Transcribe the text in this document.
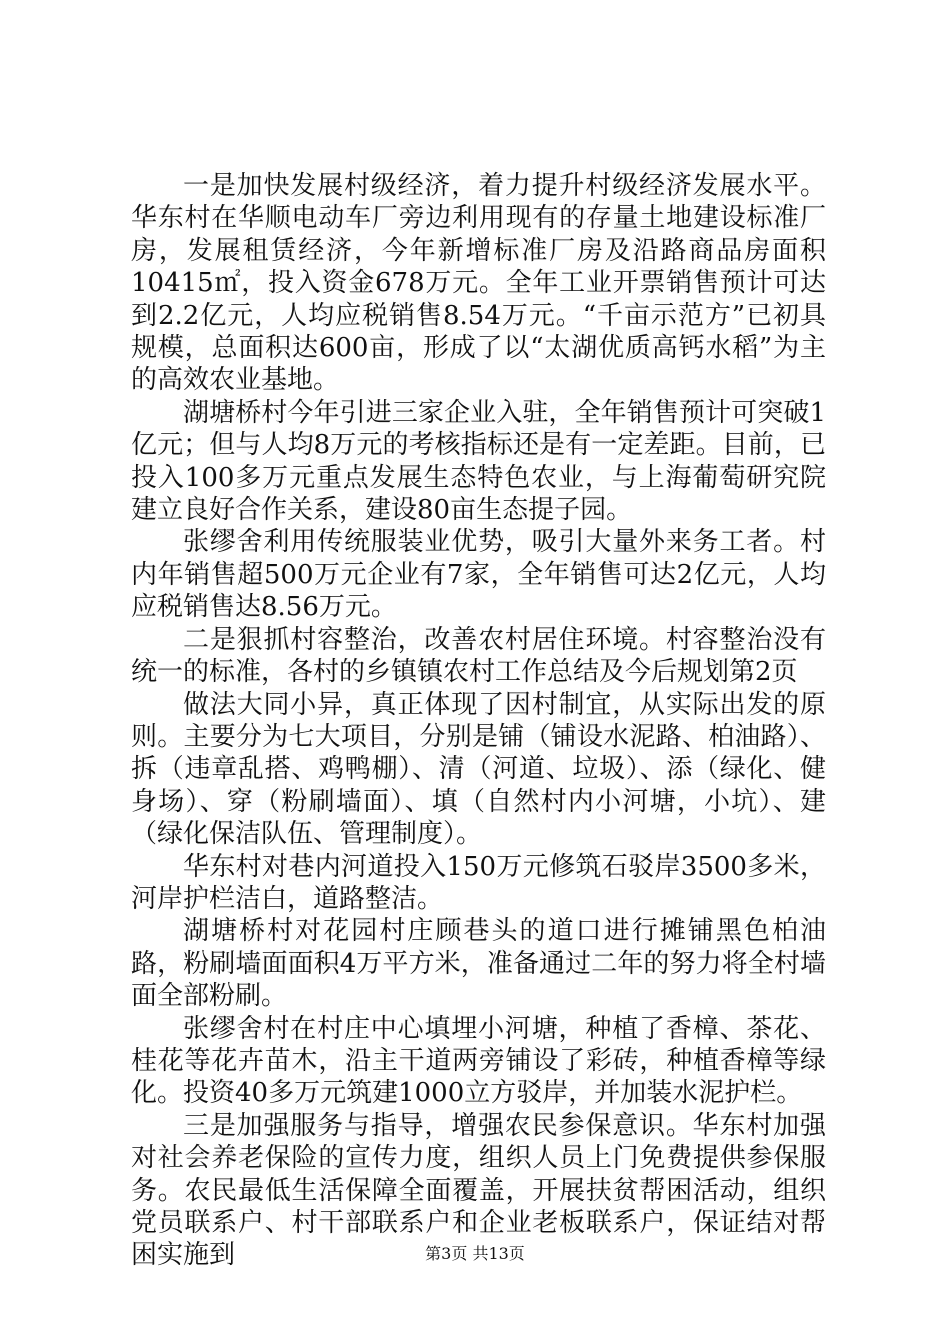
一是加快发展村级经济，着力提升村级经济发展水平。华东村在华顺电动车厂旁边利用现有的存量土地建设标准厂房，发展租赁经济，今年新增标准厂房及沿路商品房面积10415㎡，投入资金678万元。全年工业开票销售预计可达到2.2亿元，人均应税销售8.54万元。“千亩示范方”已初具规模，总面积达600亩，形成了以“太湖优质高钙水稻”为主的高效农业基地。

湖塘桥村今年引进三家企业入驻，全年销售预计可突破1亿元；但与人均8万元的考核指标还是有一定差距。目前，已投入100多万元重点发展生态特色农业，与上海葡萄研究院建立良好合作关系，建设80亩生态提子园。

张缪舍利用传统服装业优势，吸引大量外来务工者。村内年销售超500万元企业有7家，全年销售可达2亿元，人均应税销售达8.56万元。

二是狠抓村容整治，改善农村居住环境。村容整治没有统一的标准，各村的乡镇镇农村工作总结及今后规划第2页

做法大同小异，真正体现了因村制宜，从实际出发的原则。主要分为七大项目，分别是铺（铺设水泥路、柏油路）、拆（违章乱搭、鸡鸭棚）、清（河道、垃圾）、添（绿化、健身场）、穿（粉刷墙面）、填（自然村内小河塘，小坑）、建（绿化保洁队伍、管理制度）。

华东村对巷内河道投入150万元修筑石驳岸3500多米，河岸护栏洁白，道路整洁。

湖塘桥村对花园村庄顾巷头的道口进行摊铺黑色柏油路，粉刷墙面面积4万平方米，准备通过二年的努力将全村墙面全部粉刷。

张缪舍村在村庄中心填埋小河塘，种植了香樟、茶花、桂花等花卉苗木，沿主干道两旁铺设了彩砖，种植香樟等绿化。投资40多万元筑建1000立方驳岸，并加装水泥护栏。

三是加强服务与指导，增强农民参保意识。华东村加强对社会养老保险的宣传力度，组织人员上门免费提供参保服务。农民最低生活保障全面覆盖，开展扶贫帮困活动，组织党员联系户、村干部联系户和企业老板联系户，保证结对帮困实施到	第3页 共13页
